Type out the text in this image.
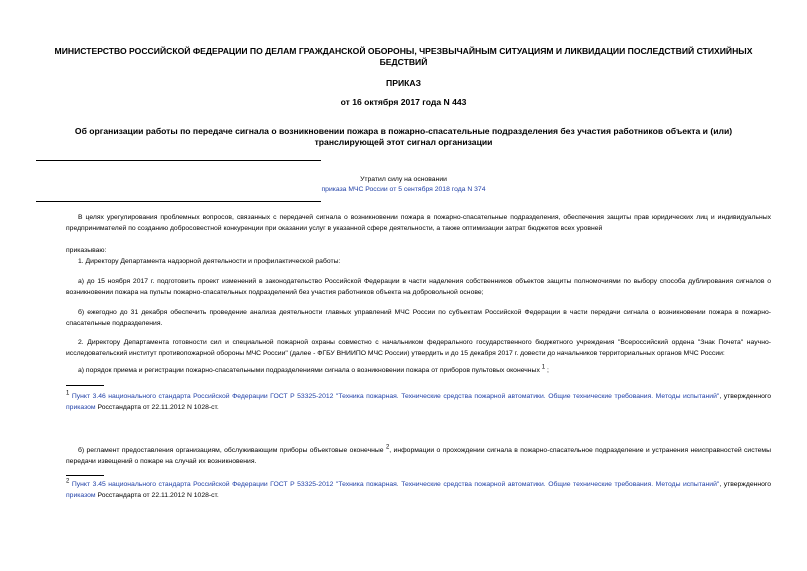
МИНИСТЕРСТВО РОССИЙСКОЙ ФЕДЕРАЦИИ ПО ДЕЛАМ ГРАЖДАНСКОЙ ОБОРОНЫ, ЧРЕЗВЫЧАЙНЫМ СИТУАЦИЯМ И ЛИКВИДАЦИИ ПОСЛЕДСТВИЙ СТИХИЙНЫХ БЕДСТВИЙ
ПРИКАЗ
от 16 октября 2017 года N 443
Об организации работы по передаче сигнала о возникновении пожара в пожарно-спасательные подразделения без участия работников объекта и (или) транслирующей этот сигнал организации
Утратил силу на основании
приказа МЧС России от 5 сентября 2018 года N 374
В целях урегулирования проблемных вопросов, связанных с передачей сигнала о возникновении пожара в пожарно-спасательные подразделения, обеспечения защиты прав юридических лиц и индивидуальных предпринимателей по созданию добросовестной конкуренции при оказании услуг в указанной сфере деятельности, а также оптимизации затрат бюджетов всех уровней
приказываю:
1. Директору Департамента надзорной деятельности и профилактической работы:
а) до 15 ноября 2017 г. подготовить проект изменений в законодательство Российской Федерации в части наделения собственников объектов защиты полномочиями по выбору способа дублирования сигналов о возникновении пожара на пульты пожарно-спасательных подразделений без участия работников объекта на добровольной основе;
б) ежегодно до 31 декабря обеспечить проведение анализа деятельности главных управлений МЧС России по субъектам Российской Федерации в части передачи сигнала о возникновении пожара в пожарно-спасательные подразделения.
2. Директору Департамента готовности сил и специальной пожарной охраны совместно с начальником федерального государственного бюджетного учреждения "Всероссийский ордена "Знак Почета" научно-исследовательский институт противопожарной обороны МЧС России" (далее - ФГБУ ВНИИПО МЧС России) утвердить и до 15 декабря 2017 г. довести до начальников территориальных органов МЧС России:
а) порядок приема и регистрации пожарно-спасательными подразделениями сигнала о возникновении пожара от приборов пультовых оконечных $^1$ ;
1 Пункт 3.46 национального стандарта Российской Федерации ГОСТ Р 53325-2012 "Техника пожарная. Технические средства пожарной автоматики. Общие технические требования. Методы испытаний", утвержденного приказом Росстандарта от 22.11.2012 N 1028-ст.
б) регламент предоставления организациям, обслуживающим приборы объектовые оконечные $^2$, информации о прохождении сигнала в пожарно-спасательное подразделение и устранения неисправностей системы передачи извещений о пожаре на случай их возникновения.
2 Пункт 3.45 национального стандарта Российской Федерации ГОСТ Р 53325-2012 "Техника пожарная. Технические средства пожарной автоматики. Общие технические требования. Методы испытаний", утвержденного приказом Росстандарта от 22.11.2012 N 1028-ст.
